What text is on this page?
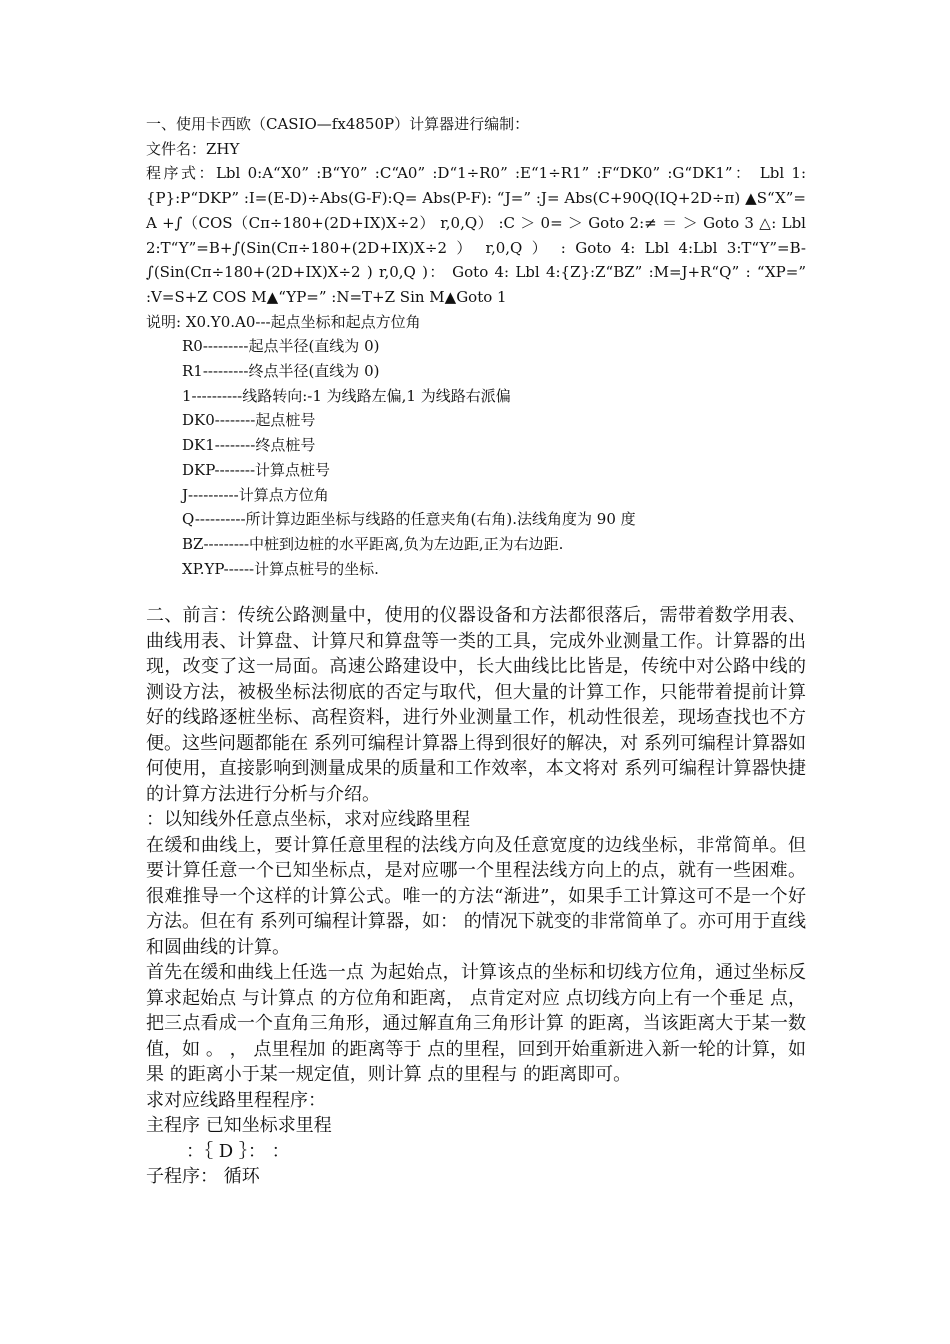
一、使用卡西欧（CASIO—fx4850P）计算器进行编制：

文件名：ZHY

程序式：Lbl 0:A“X0” :B“Y0” :C“A0” :D“1÷R0” :E“1÷R1” :F“DK0” :G“DK1”： Lbl 1:{P}:P“DKP” :I=(E-D)÷Abs(G-F):Q= Abs(P-F): “J=” :J= Abs(C+90Q(IQ+2D÷π) ▲S“X”= A +∫（COS（Cπ÷180+(2D+IX)X÷2） r,0,Q） :C ＞ 0= ＞ Goto 2:≠ ＝ ＞ Goto 3 △: Lbl 2:T“Y”=B+∫(Sin(Cπ÷180+(2D+IX)X÷2 ） r,0,Q ） : Goto 4: Lbl 4:Lbl 3:T“Y”=B-∫(Sin(Cπ÷180+(2D+IX)X÷2 ) r,0,Q )： Goto 4: Lbl 4:{Z}:Z“BZ” :M=J+R“Q” : “XP=” :V=S+Z COS M▲“YP=” :N=T+Z Sin M▲Goto 1

说明: X0.Y0.A0---起点坐标和起点方位角

R0---------起点半径(直线为 0)

R1---------终点半径(直线为 0)

1----------线路转向:-1 为线路左偏,1 为线路右派偏

DK0--------起点桩号

DK1--------终点桩号

DKP--------计算点桩号

J----------计算点方位角

Q----------所计算边距坐标与线路的任意夹角(右角).法线角度为 90 度

BZ---------中桩到边桩的水平距离,负为左边距,正为右边距.

XP.YP------计算点桩号的坐标.

二、前言：传统公路测量中，使用的仪器设备和方法都很落后，需带着数学用表、曲线用表、计算盘、计算尺和算盘等一类的工具，完成外业测量工作。计算器的出现，改变了这一局面。高速公路建设中，长大曲线比比皆是，传统中对公路中线的测设方法，被极坐标法彻底的否定与取代，但大量的计算工作，只能带着提前计算好的线路逐桩坐标、高程资料，进行外业测量工作，机动性很差，现场查找也不方便。这些问题都能在 系列可编程计算器上得到很好的解决，对 系列可编程计算器如何使用，直接影响到测量成果的质量和工作效率，本文将对 系列可编程计算器快捷的计算方法进行分析与介绍。

：以知线外任意点坐标，求对应线路里程

在缓和曲线上，要计算任意里程的法线方向及任意宽度的边线坐标，非常简单。但要计算任意一个已知坐标点，是对应哪一个里程法线方向上的点，就有一些困难。很难推导一个这样的计算公式。唯一的方法“渐进”，如果手工计算这可不是一个好方法。但在有 系列可编程计算器，如： 的情况下就变的非常简单了。亦可用于直线和圆曲线的计算。

首先在缓和曲线上任选一点 为起始点，计算该点的坐标和切线方位角，通过坐标反算求起始点 与计算点 的方位角和距离， 点肯定对应 点切线方向上有一个垂足 点，把三点看成一个直角三角形，通过解直角三角形计算 的距离，当该距离大于某一数值，如 。 ， 点里程加 的距离等于 点的里程，回到开始重新进入新一轮的计算，如果 的距离小于某一规定值，则计算 点的里程与 的距离即可。

求对应线路里程程序：

主程序 已知坐标求里程

：｛ D ｝： ：

子程序： 循环
